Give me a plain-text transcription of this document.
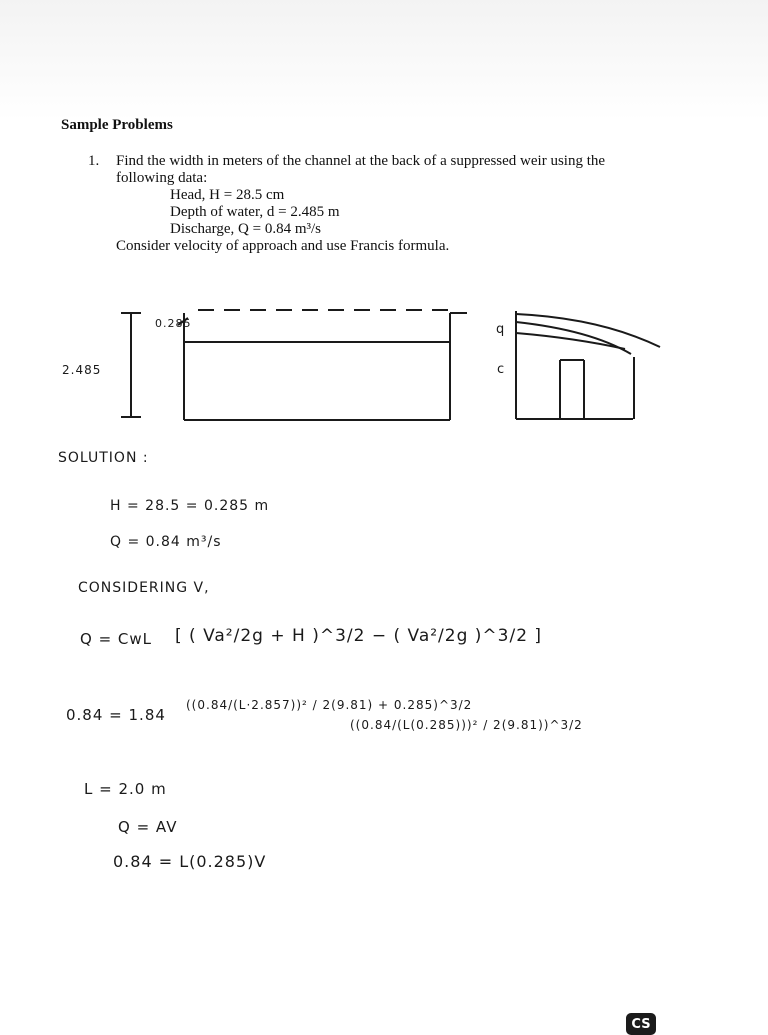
Sample Problems
1. Find the width in meters of the channel at the back of a suppressed weir using the
following data:
Head, H = 28.5 cm
Depth of water, d = 2.485 m
Discharge, Q = 0.84 m³/s
Consider velocity of approach and use Francis formula.
2.485
0.285	q
c
SOLUTION :
H = 28.5 = 0.285 m
Q = 0.84 m³/s
CONSIDERING V,
Q = CwL [ ( Va²/2g + H )^3/2 − ( Va²/2g )^3/2 ]
0.84 = 1.84
((0.84/(L·2.857))² / 2(9.81) + 0.285)^3/2
((0.84/(L(0.285)))² / 2(9.81))^3/2
L = 2.0 m
Q = AV
0.84 = L(0.285)V
CS
